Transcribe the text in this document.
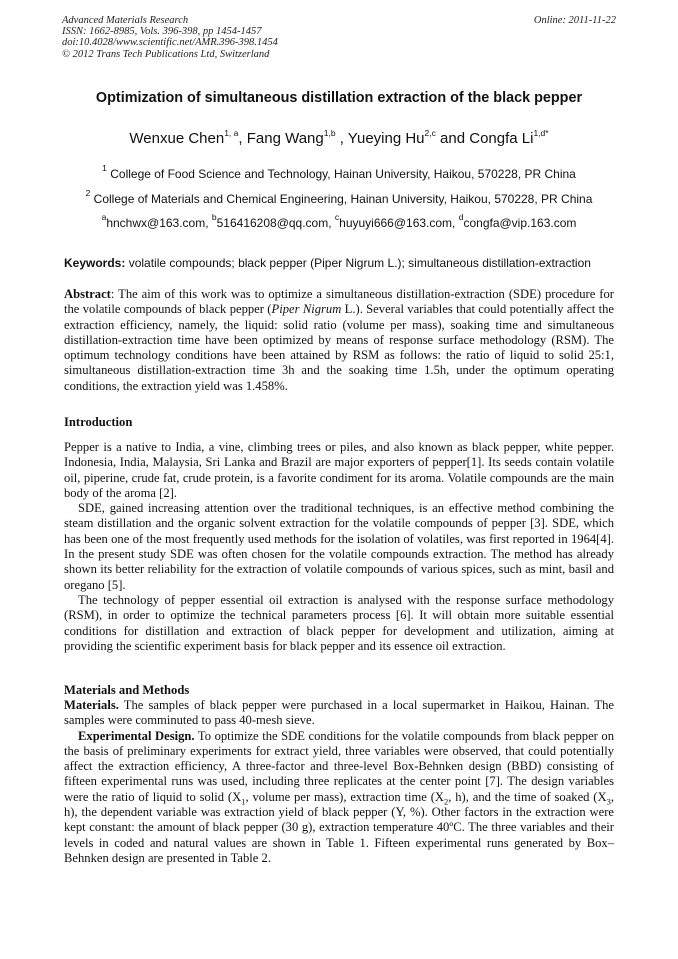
Advanced Materials Research
ISSN: 1662-8985, Vols. 396-398, pp 1454-1457
doi:10.4028/www.scientific.net/AMR.396-398.1454
© 2012 Trans Tech Publications Ltd, Switzerland
Online: 2011-11-22
Optimization of simultaneous distillation extraction of the black pepper
Wenxue Chen$^{1, a}$, Fang Wang$^{1,b}$ , Yueying Hu$^{2,c}$ and Congfa $Li^{1,d*}$
$^1$ College of Food Science and Technology, Hainan University, Haikou, 570228, PR China
$^2$ College of Materials and Chemical Engineering, Hainan University, Haikou, 570228, PR China
$^a$hnchwx@163.com, $^b$516416208@qq.com, $^c$huyuyi666@163.com, $^d$congfa@vip.163.com
Keywords: volatile compounds; black pepper (Piper Nigrum L.); simultaneous distillation-extraction

Abstract: The aim of this work was to optimize a simultaneous distillation-extraction (SDE) procedure for the volatile compounds of black pepper (Piper Nigrum L.). Several variables that could potentially affect the extraction efficiency, namely, the liquid: solid ratio (volume per mass), soaking time and simultaneous distillation-extraction time have been optimized by means of response surface methodology (RSM). The optimum technology conditions have been attained by RSM as follows: the ratio of liquid to solid 25:1, simultaneous distillation-extraction time 3h and the soaking time 1.5h, under the optimum operating conditions, the extraction yield was 1.458%.

Introduction

Pepper is a native to India, a vine, climbing trees or piles, and also known as black pepper, white pepper. Indonesia, India, Malaysia, Sri Lanka and Brazil are major exporters of pepper[1]. Its seeds contain volatile oil, piperine, crude fat, crude protein, is a favorite condiment for its aroma. Volatile compounds are the main body of the aroma [2].

SDE, gained increasing attention over the traditional techniques, is an effective method combining the steam distillation and the organic solvent extraction for the volatile compounds of pepper [3]. SDE, which has been one of the most frequently used methods for the isolation of volatiles, was first reported in 1964[4]. In the present study SDE was often chosen for the volatile compounds extraction. The method has already shown its better reliability for the extraction of volatile compounds of various spices, such as mint, basil and oregano [5].

The technology of pepper essential oil extraction is analysed with the response surface methodology (RSM), in order to optimize the technical parameters process [6]. It will obtain more suitable essential conditions for distillation and extraction of black pepper for development and utilization, aiming at providing the scientific experiment basis for black pepper and its essence oil extraction.

Materials and Methods

Materials. The samples of black pepper were purchased in a local supermarket in Haikou, Hainan. The samples were comminuted to pass 40-mesh sieve.

Experimental Design. To optimize the SDE conditions for the volatile compounds from black pepper on the basis of preliminary experiments for extract yield, three variables were observed, that could potentially affect the extraction efficiency, A three-factor and three-level Box-Behnken design (BBD) consisting of fifteen experimental runs was used, including three replicates at the center point [7]. The design variables were the ratio of liquid to solid ($X_1$, volume per mass), extraction time ($X_2$, h), and the time of soaked ($X_3$, h), the dependent variable was extraction yield of black pepper (Y, %). Other factors in the extraction were kept constant: the amount of black pepper (30 g), extraction temperature 40ºC. The three variables and their levels in coded and natural values are shown in Table 1. Fifteen experimental runs generated by Box–Behnken design are presented in Table 2.
